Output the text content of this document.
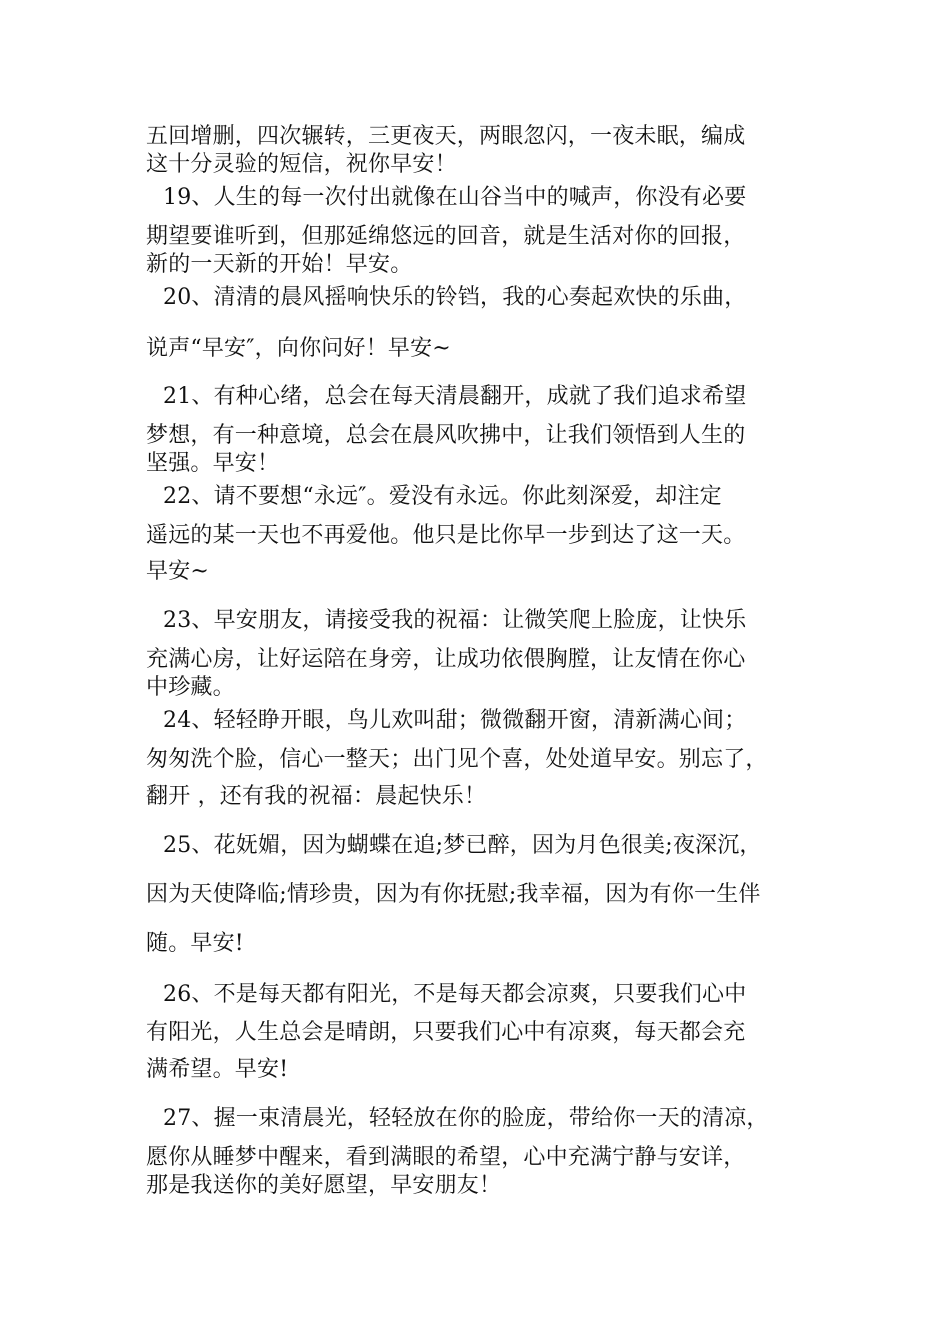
五回增删，四次辗转，三更夜天，两眼忽闪，一夜未眠，编成
这十分灵验的短信，祝你早安！
19、人生的每一次付出就像在山谷当中的喊声，你没有必要
期望要谁听到，但那延绵悠远的回音，就是生活对你的回报，
新的一天新的开始！早安。
20、清清的晨风摇响快乐的铃铛，我的心奏起欢快的乐曲，
说声“早安″，向你问好！早安~
21、有种心绪，总会在每天清晨翻开，成就了我们追求希望
梦想，有一种意境，总会在晨风吹拂中，让我们领悟到人生的
坚强。早安！
22、请不要想“永远″。爱没有永远。你此刻深爱，却注定
遥远的某一天也不再爱他。他只是比你早一步到达了这一天。
早安~
23、早安朋友，请接受我的祝福：让微笑爬上脸庞，让快乐
充满心房，让好运陪在身旁，让成功依偎胸膛，让友情在你心
中珍藏。
24、轻轻睁开眼，鸟儿欢叫甜；微微翻开窗，清新满心间；
匆匆洗个脸，信心一整天；出门见个喜，处处道早安。别忘了，
翻开 ，还有我的祝福：晨起快乐！
25、花妩媚，因为蝴蝶在追;梦已醉，因为月色很美;夜深沉，
因为天使降临;情珍贵，因为有你抚慰;我幸福，因为有你一生伴
随。早安!
26、不是每天都有阳光，不是每天都会凉爽，只要我们心中
有阳光，人生总会是晴朗，只要我们心中有凉爽，每天都会充
满希望。早安!
27、握一束清晨光，轻轻放在你的脸庞，带给你一天的清凉，
愿你从睡梦中醒来，看到满眼的希望，心中充满宁静与安详，
那是我送你的美好愿望，早安朋友！
